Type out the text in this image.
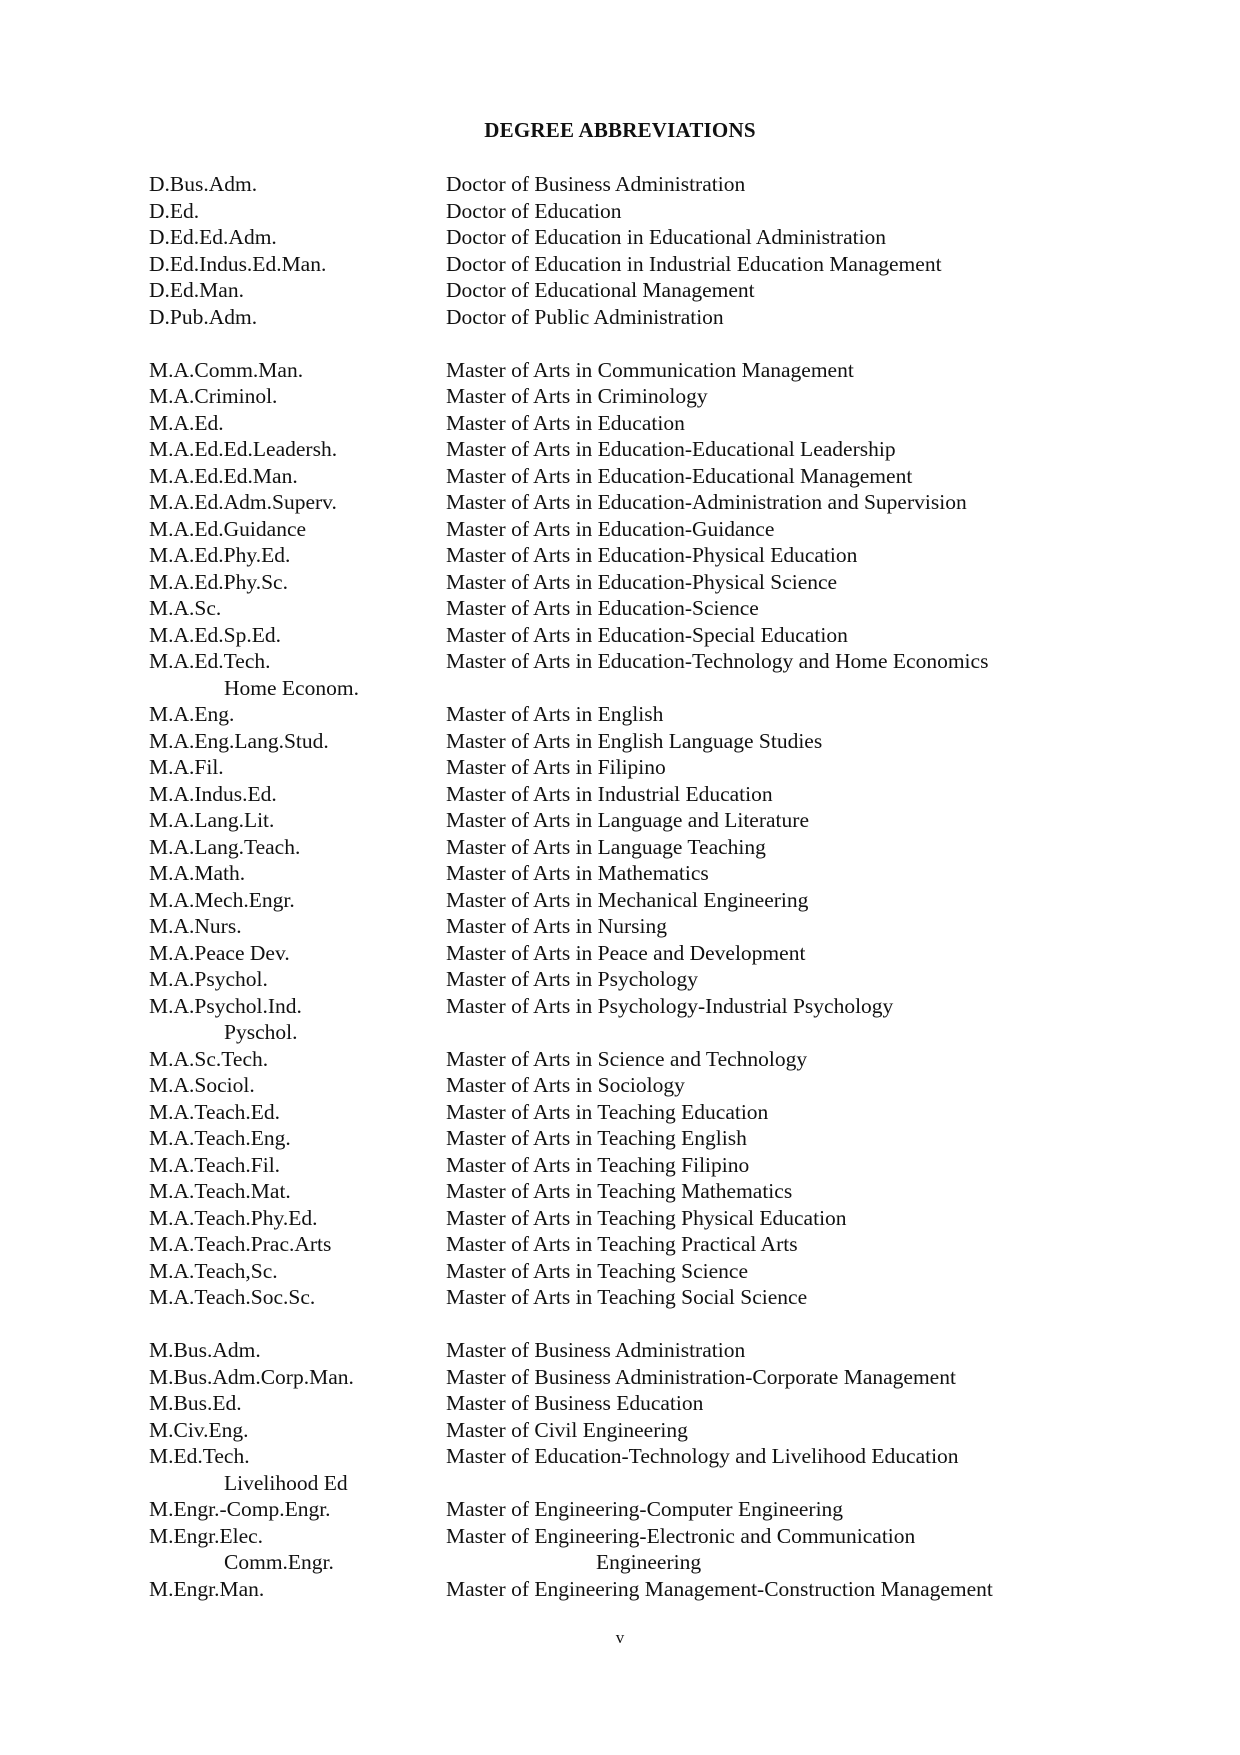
DEGREE ABBREVIATIONS
D.Bus.Adm.	Doctor of Business Administration
D.Ed.	Doctor of Education
D.Ed.Ed.Adm.	Doctor of Education in Educational Administration
D.Ed.Indus.Ed.Man.	Doctor of Education in Industrial Education Management
D.Ed.Man.	Doctor of Educational Management
D.Pub.Adm.	Doctor of Public Administration
M.A.Comm.Man.	Master of Arts in Communication Management
M.A.Criminol.	Master of Arts in Criminology
M.A.Ed.	Master of Arts in Education
M.A.Ed.Ed.Leadersh.	Master of Arts in Education-Educational Leadership
M.A.Ed.Ed.Man.	Master of Arts in Education-Educational Management
M.A.Ed.Adm.Superv.	Master of Arts in Education-Administration and Supervision
M.A.Ed.Guidance	Master of Arts in Education-Guidance
M.A.Ed.Phy.Ed.	Master of Arts in Education-Physical Education
M.A.Ed.Phy.Sc.	Master of Arts in Education-Physical Science
M.A.Sc.	Master of Arts in Education-Science
M.A.Ed.Sp.Ed.	Master of Arts in Education-Special Education
M.A.Ed.Tech.	Master of Arts in Education-Technology and Home Economics
Home Econom.
M.A.Eng.	Master of Arts in English
M.A.Eng.Lang.Stud.	Master of Arts in English Language Studies
M.A.Fil.	Master of Arts in Filipino
M.A.Indus.Ed.	Master of Arts in Industrial Education
M.A.Lang.Lit.	Master of Arts in Language and Literature
M.A.Lang.Teach.	Master of Arts in Language Teaching
M.A.Math.	Master of Arts in Mathematics
M.A.Mech.Engr.	Master of Arts in Mechanical Engineering
M.A.Nurs.	Master of Arts in Nursing
M.A.Peace Dev.	Master of Arts in Peace and Development
M.A.Psychol.	Master of Arts in Psychology
M.A.Psychol.Ind.	Master of Arts in Psychology-Industrial Psychology
Pyschol.
M.A.Sc.Tech.	Master of Arts in Science and Technology
M.A.Sociol.	Master of Arts in Sociology
M.A.Teach.Ed.	Master of Arts in Teaching Education
M.A.Teach.Eng.	Master of Arts in Teaching English
M.A.Teach.Fil.	Master of Arts in Teaching Filipino
M.A.Teach.Mat.	Master of Arts in Teaching Mathematics
M.A.Teach.Phy.Ed.	Master of Arts in Teaching Physical Education
M.A.Teach.Prac.Arts	Master of Arts in Teaching Practical Arts
M.A.Teach,Sc.	Master of Arts in Teaching Science
M.A.Teach.Soc.Sc.	Master of Arts in Teaching Social Science
M.Bus.Adm.	Master of Business Administration
M.Bus.Adm.Corp.Man.	Master of Business Administration-Corporate Management
M.Bus.Ed.	Master of Business Education
M.Civ.Eng.	Master of Civil Engineering
M.Ed.Tech.	Master of Education-Technology and Livelihood Education
Livelihood Ed
M.Engr.-Comp.Engr.	Master of Engineering-Computer Engineering
M.Engr.Elec.	Master of Engineering-Electronic and Communication
Comm.Engr.	Engineering
M.Engr.Man.	Master of Engineering Management-Construction Management
v
